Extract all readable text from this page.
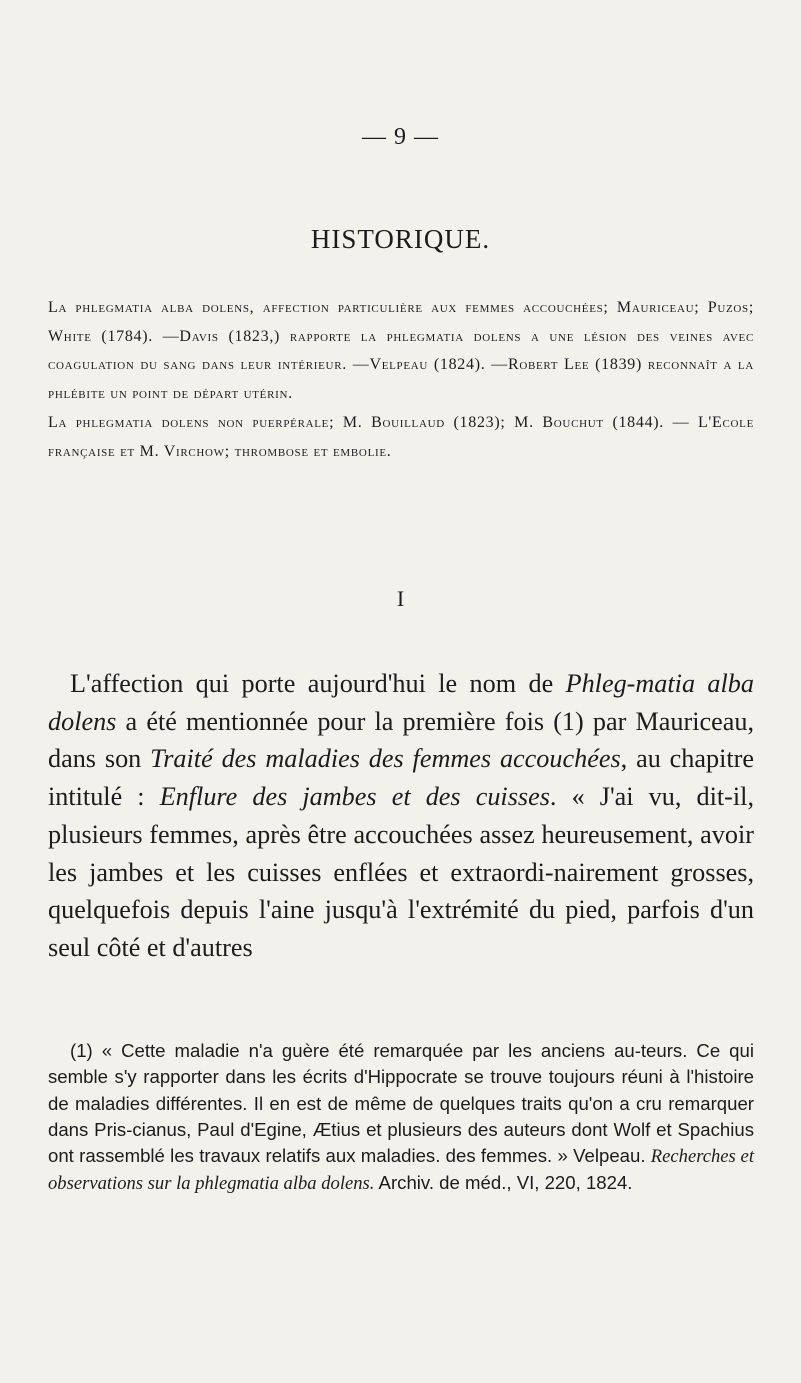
— 9 —
HISTORIQUE.

La phlegmatia alba dolens, affection particulière aux femmes accouchées; Mauriceau; Puzos; White (1784). —Davis (1823,) rapporte la phlegmatia dolens a une lésion des veines avec coagulation du sang dans leur intérieur. —Velpeau (1824). —Robert Lee (1839) reconnaît a la phlébite un point de départ utérin.

La phlegmatia dolens non puerpérale; M. Bouillaud (1823); M. Bouchut (1844). — L'Ecole française et M. Virchow; thrombose et embolie.

I
L'affection qui porte aujourd'hui le nom de Phleg-matia alba dolens a été mentionnée pour la première fois (1) par Mauriceau, dans son Traité des maladies des femmes accouchées, au chapitre intitulé : Enflure des jambes et des cuisses. « J'ai vu, dit-il, plusieurs femmes, après être accouchées assez heureusement, avoir les jambes et les cuisses enflées et extraordi-nairement grosses, quelquefois depuis l'aine jusqu'à l'extrémité du pied, parfois d'un seul côté et d'autres
(1) « Cette maladie n'a guère été remarquée par les anciens au-teurs. Ce qui semble s'y rapporter dans les écrits d'Hippocrate se trouve toujours réuni à l'histoire de maladies différentes. Il en est de même de quelques traits qu'on a cru remarquer dans Pris-cianus, Paul d'Egine, Ætius et plusieurs des auteurs dont Wolf et Spachius ont rassemblé les travaux relatifs aux maladies. des femmes. » Velpeau. Recherches et observations sur la phlegmatia alba dolens. Archiv. de méd., VI, 220, 1824.
